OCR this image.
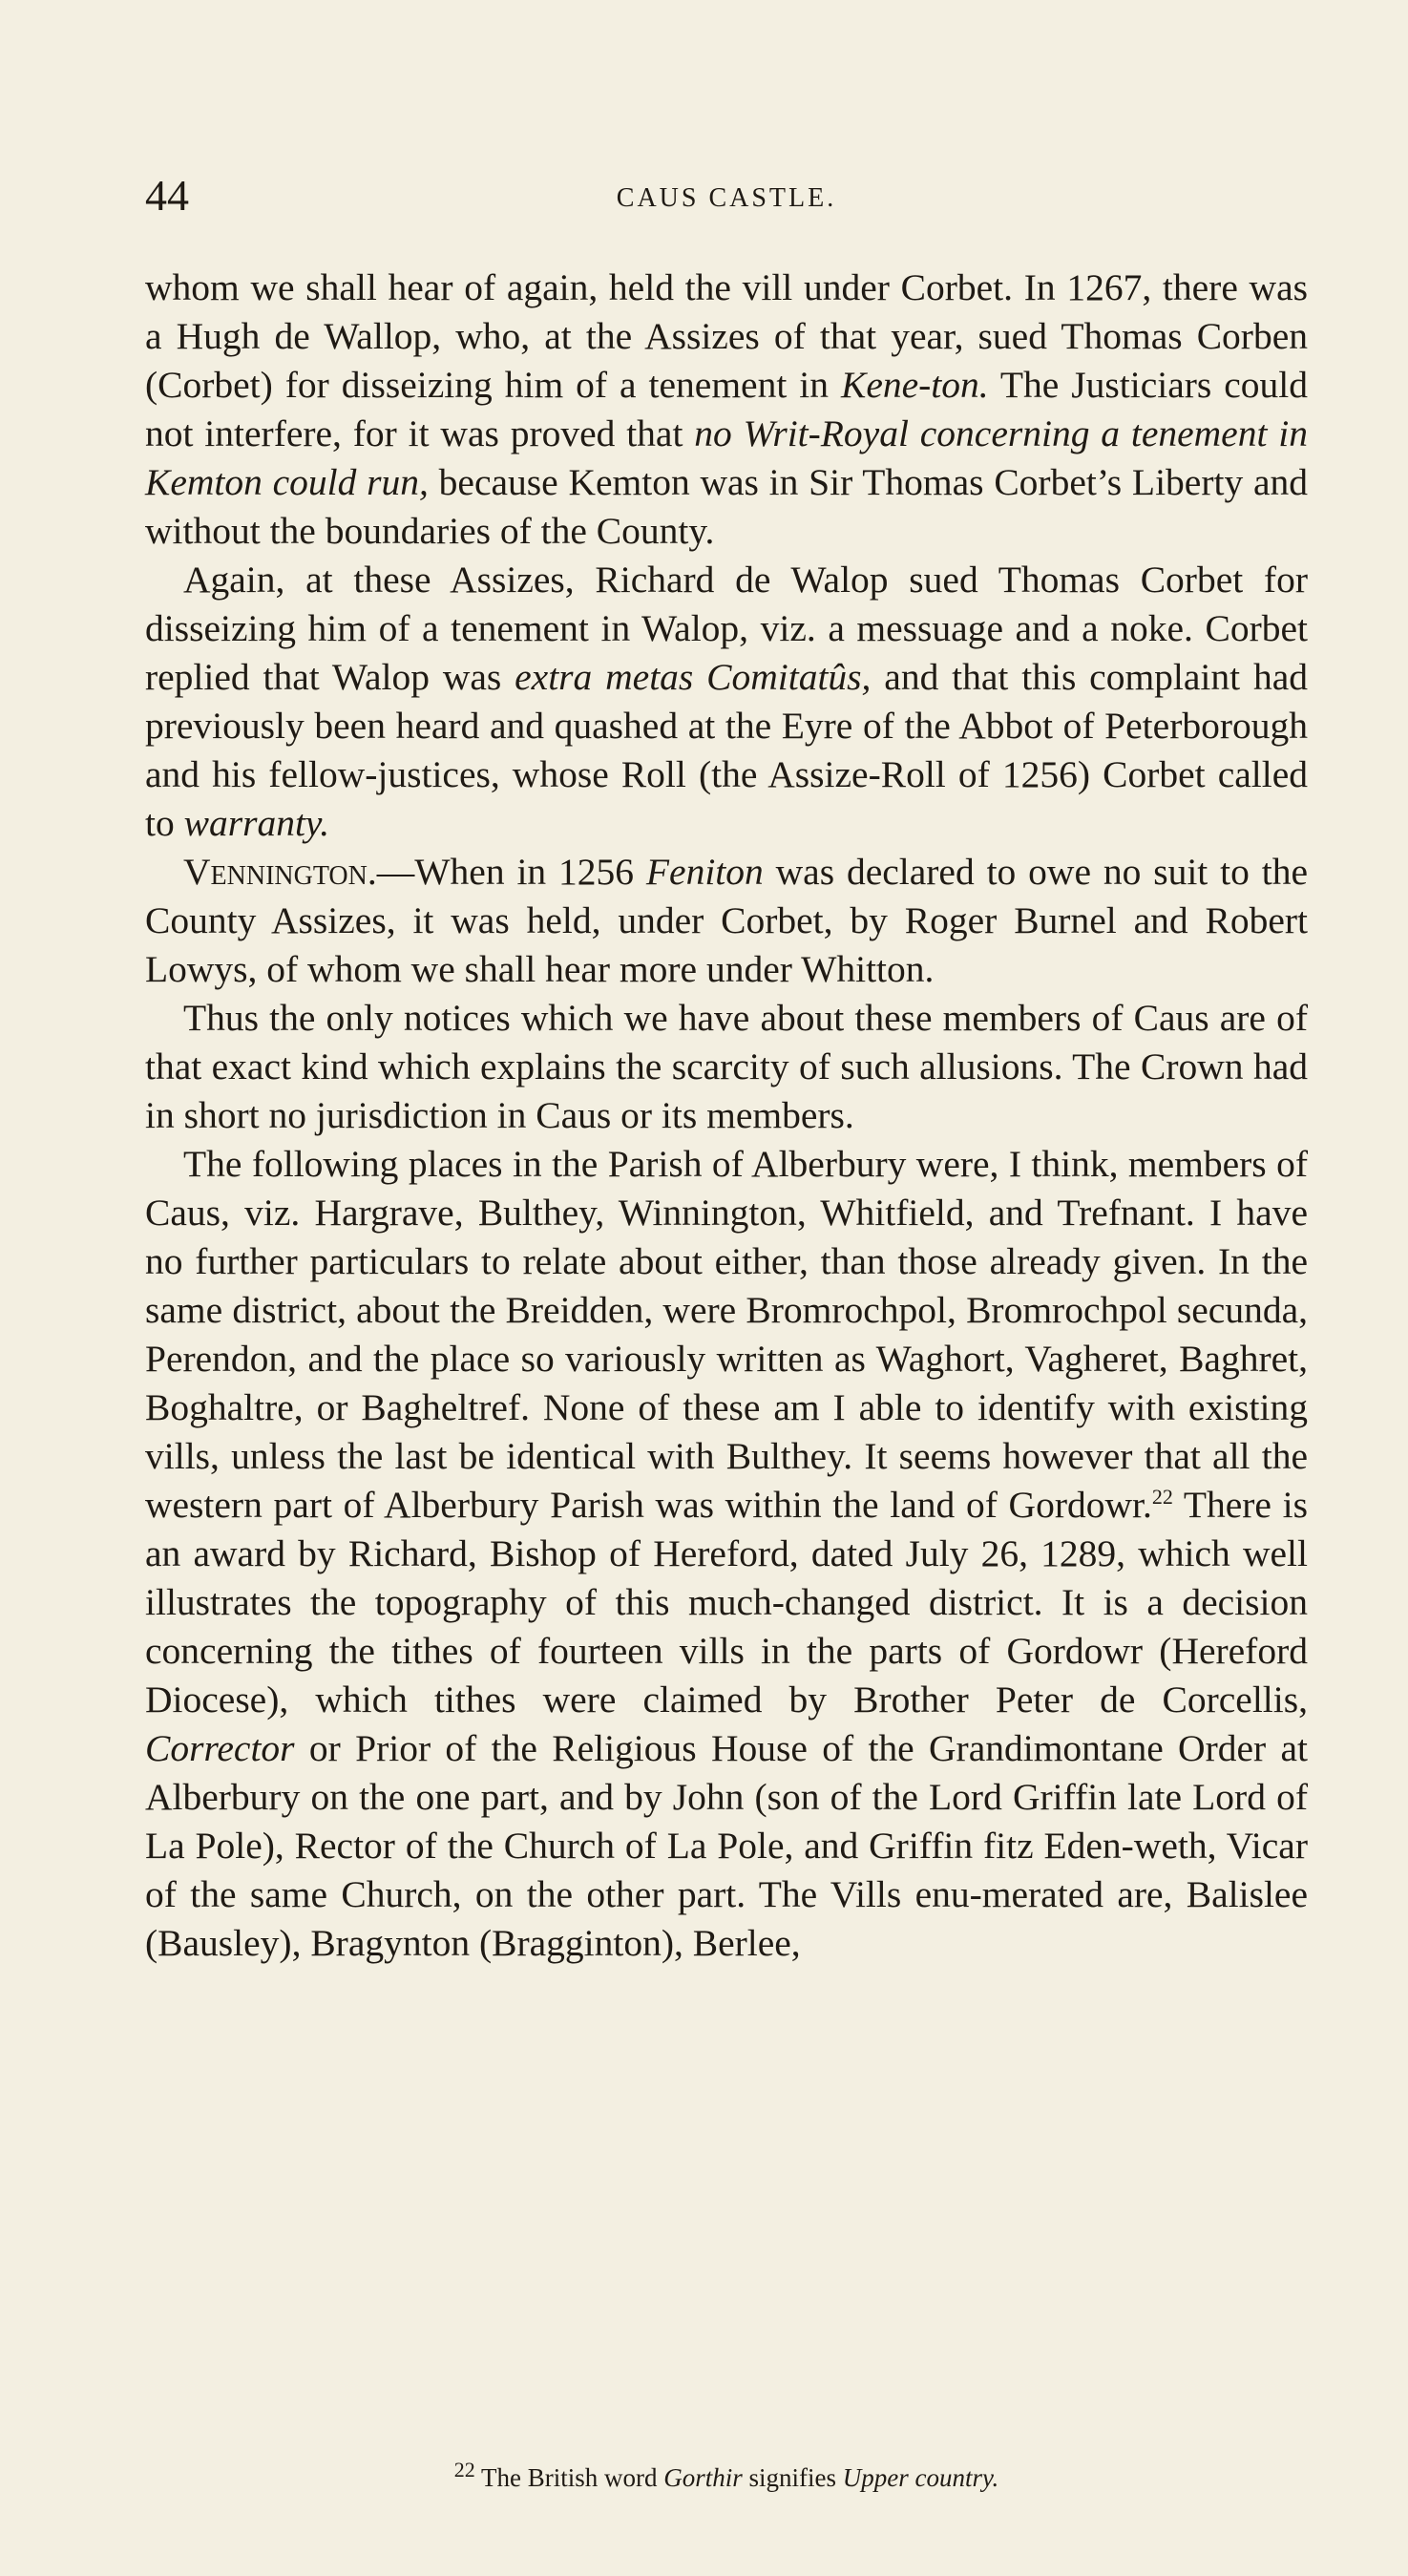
44	CAUS CASTLE.

whom we shall hear of again, held the vill under Corbet. In 1267, there was a Hugh de Wallop, who, at the Assizes of that year, sued Thomas Corben (Corbet) for disseizing him of a tenement in Kene-ton. The Justiciars could not interfere, for it was proved that no Writ-Royal concerning a tenement in Kemton could run, because Kemton was in Sir Thomas Corbet’s Liberty and without the boundaries of the County.

Again, at these Assizes, Richard de Walop sued Thomas Corbet for disseizing him of a tenement in Walop, viz. a messuage and a noke. Corbet replied that Walop was extra metas Comitatûs, and that this complaint had previously been heard and quashed at the Eyre of the Abbot of Peterborough and his fellow-justices, whose Roll (the Assize-Roll of 1256) Corbet called to warranty.

Vennington.—When in 1256 Feniton was declared to owe no suit to the County Assizes, it was held, under Corbet, by Roger Burnel and Robert Lowys, of whom we shall hear more under Whitton.

Thus the only notices which we have about these members of Caus are of that exact kind which explains the scarcity of such allusions. The Crown had in short no jurisdiction in Caus or its members.

The following places in the Parish of Alberbury were, I think, members of Caus, viz. Hargrave, Bulthey, Winnington, Whitfield, and Trefnant. I have no further particulars to relate about either, than those already given. In the same district, about the Breidden, were Bromrochpol, Bromrochpol secunda, Perendon, and the place so variously written as Waghort, Vagheret, Baghret, Boghaltre, or Bagheltref. None of these am I able to identify with existing vills, unless the last be identical with Bulthey. It seems however that all the western part of Alberbury Parish was within the land of Gordowr.$^{22}$ There is an award by Richard, Bishop of Hereford, dated July 26, 1289, which well illustrates the topography of this much-changed district. It is a decision concerning the tithes of fourteen vills in the parts of Gordowr (Hereford Diocese), which tithes were claimed by Brother Peter de Corcellis, Corrector or Prior of the Religious House of the Grandimontane Order at Alberbury on the one part, and by John (son of the Lord Griffin late Lord of La Pole), Rector of the Church of La Pole, and Griffin fitz Eden-weth, Vicar of the same Church, on the other part. The Vills enu-merated are, Balislee (Bausley), Bragynton (Bragginton), Berlee,

$^{22}$ The British word Gorthir signifies Upper country.
